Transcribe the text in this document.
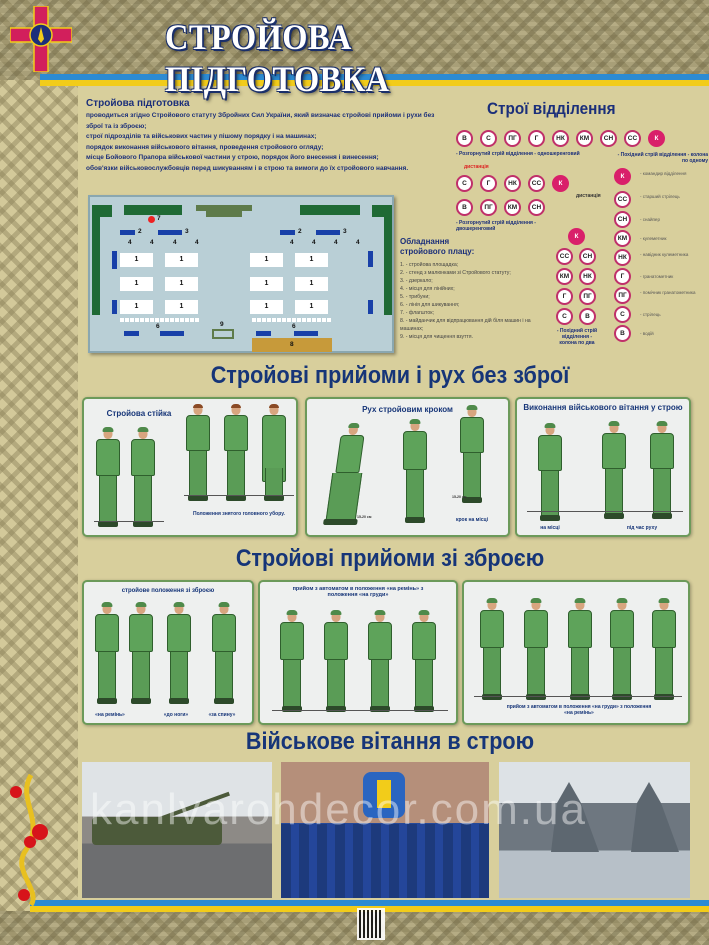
СТРОЙОВА ПІДГОТОВКА
Стройова підготовка

проводиться згідно Стройового статуту Збройних Сил України, який визначає стройові прийоми і рухи без зброї та із зброєю;

строї підрозділів та військових частин у пішому порядку і на машинах;

порядок виконання військового вітання, проведення стройового огляду;

місце Бойового Прапора військової частини у строю, порядок його внесення і винесення;

обов'язки військовослужбовців перед шикуванням і в строю та вимоги до їх стройового навчання.

7
2	3	2	3
4	4	4	4	4	4	4	4
1	1	1	1
1	1	1	1
1	1	1	1
6	6
9
8
Строї відділення
В	С	ПГ	Г	НК	КМ	СН	СС	К
- Розгорнутий стрій відділення - одношеренговий
дистанція
С	Г	НК	СС	К
дистанція
В	ПГ	КМ	СН
- Розгорнутий стрій відділення - двошеренговий
К
СС	СН
КМ	НК
Г	ПГ
С	В
- Похідний стрій відділення - колона по два
- Похідний стрій відділення - колона по одному
К	- командир відділення
СС	- старший стрілець
СН	- снайпер
КМ	- кулеметник
НК	- навідник кулеметника
Г	- гранатометник
ПГ	- помічник гранатометника
С	- стрілець
В	- водій
Обладнання
стройового плацу:
1. - стройова площадка;
2. - стенд з малюнками зі Стройового статуту;
3. - дзеркало;
4. - місця для лінійних;
5. - трибуни;
6. - лінія для шикування;
7. - флагшток;
8. - майданчик для відпрацювання дій біля машин і на машинах;
9. - місця для чищення взуття.
Стройові прийоми і рух без зброї
Стройова стійка
Положення знятого головного убору.
Рух стройовим кроком
15-20 см
15-20 см
крок на місці
Виконання військового вітання у строю
на місці	під час руху
Стройові прийоми зі зброєю
стройове положення зі зброєю
«на ремінь»	«до ноги»	«за спину»
прийом з автоматом в положення «на ремінь» з положення «на груди»
прийом з автоматом в положення «на груди» з положення «на ремінь»
Військове вітання в строю
kanlvarohdecor.com.ua
